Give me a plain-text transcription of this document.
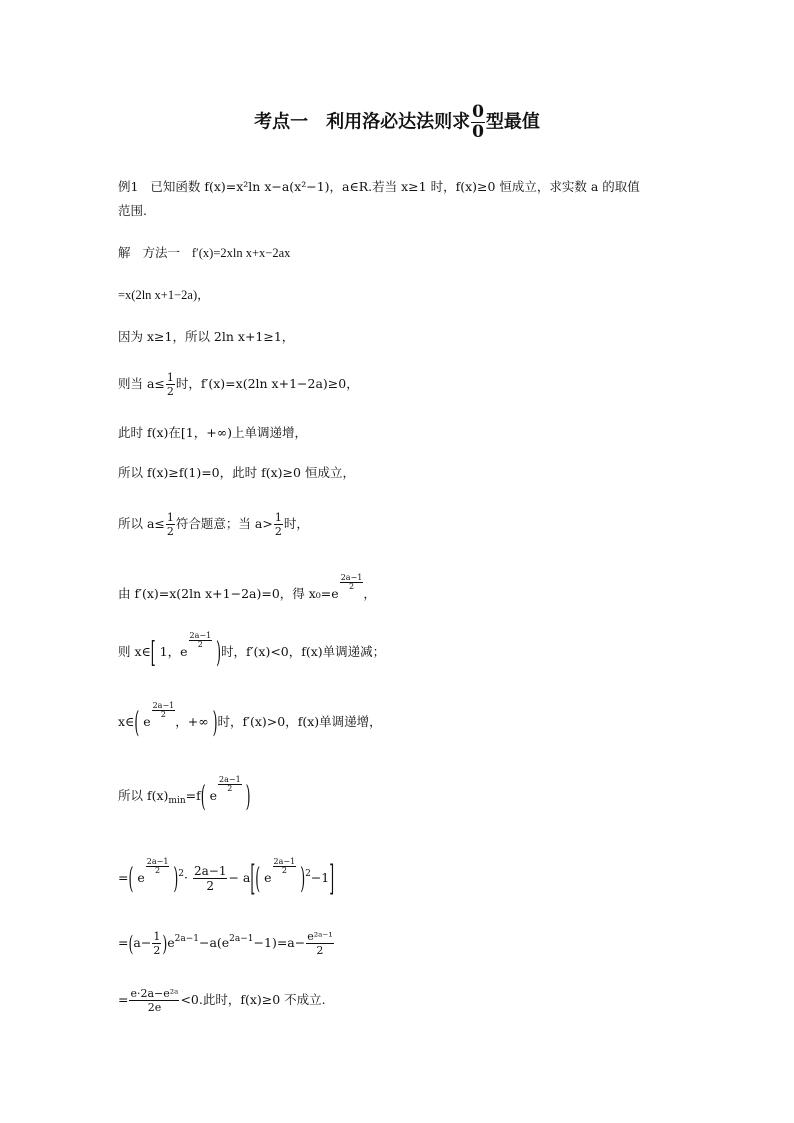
考点一　利用洛必达法则求 $\frac{0}{0}$ 型最值
例1 已知函数 f(x)=x²ln x−a(x²−1)，a∈R.若当 x≥1 时，f(x)≥0 恒成立，求实数 a 的取值
范围.
解 方法一 f′(x)=2xln x+x−2ax
=x(2ln x+1−2a)，
因为 x≥1，所以 2ln x+1≥1，
则当 $a\le \frac{1}{2}$ 时，f′(x)=x(2ln x+1−2a)≥0，
此时 f(x)在[1，+∞)上单调递增，
所以 f(x)≥f(1)=0，此时 f(x)≥0 恒成立，
所以 $a\le \frac{1}{2}$ 符合题意；当 $a> \frac{1}{2}$ 时，
由 f′(x)=x(2ln x+1−2a)=0，得 x₀=e
$\frac{2a-1}{2}$
，
则 x∈[ 1，e
$\frac{2a-1}{2}$ )时，f′(x)<0，f(x)单调递减；
x∈( e
$\frac{2a-1}{2}$
，+∞ )时，f′(x)>0，f(x)单调递增，
所以 $f(x)_{min}=f$( e
$\frac{2a-1}{2}$ )
=( e
$\frac{2a-1}{2} )^2\cdot \frac{2a-1}{2} - a$[( e
$\frac{2a-1}{2} )^2-1$]
$=(a- \frac{1}{2} )e^{2a-1}-a(e^{2a-1}-1)=a- \frac{\text{e²ᵃ⁻¹}}{2}$
= $\frac{\text{e·2a−e²ᵃ}}{2e} <0$.此时，f(x)≥0 不成立.
